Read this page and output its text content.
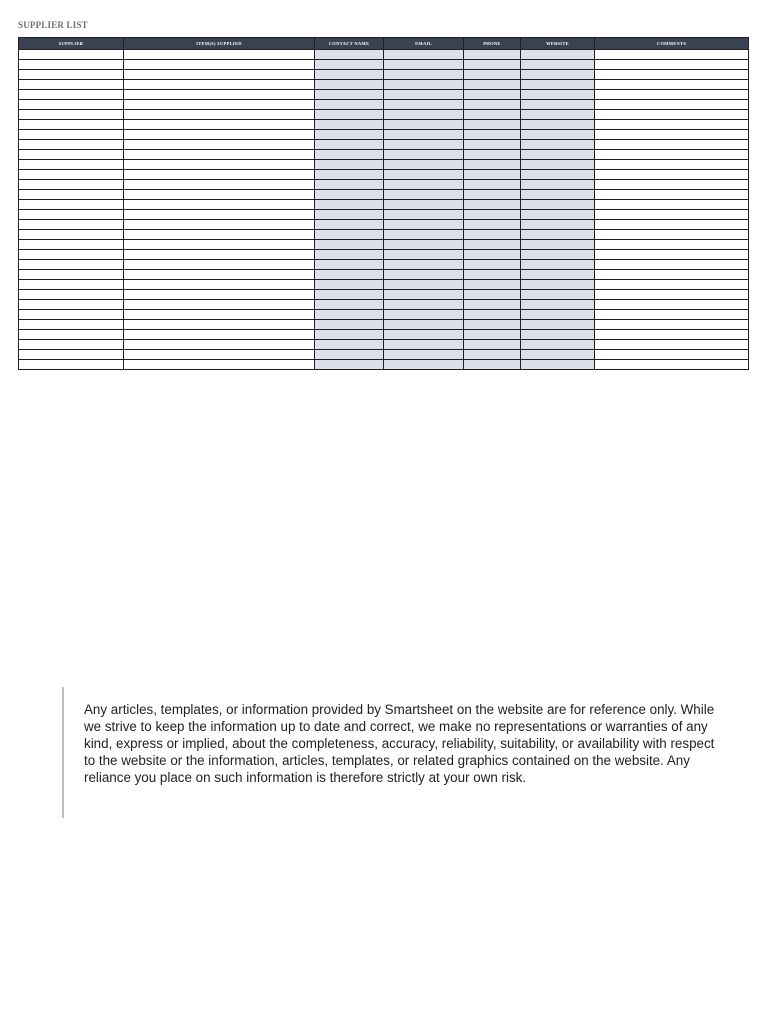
SUPPLIER LIST
SUPPLIER	ITEM(S) SUPPLIED	CONTACT NAME	EMAIL	PHONE	WEBSITE	COMMENTS

Any articles, templates, or information provided by Smartsheet on the website are for reference only. While we strive to keep the information up to date and correct, we make no representations or warranties of any kind, express or implied, about the completeness, accuracy, reliability, suitability, or availability with respect to the website or the information, articles, templates, or related graphics contained on the website. Any reliance you place on such information is therefore strictly at your own risk.
